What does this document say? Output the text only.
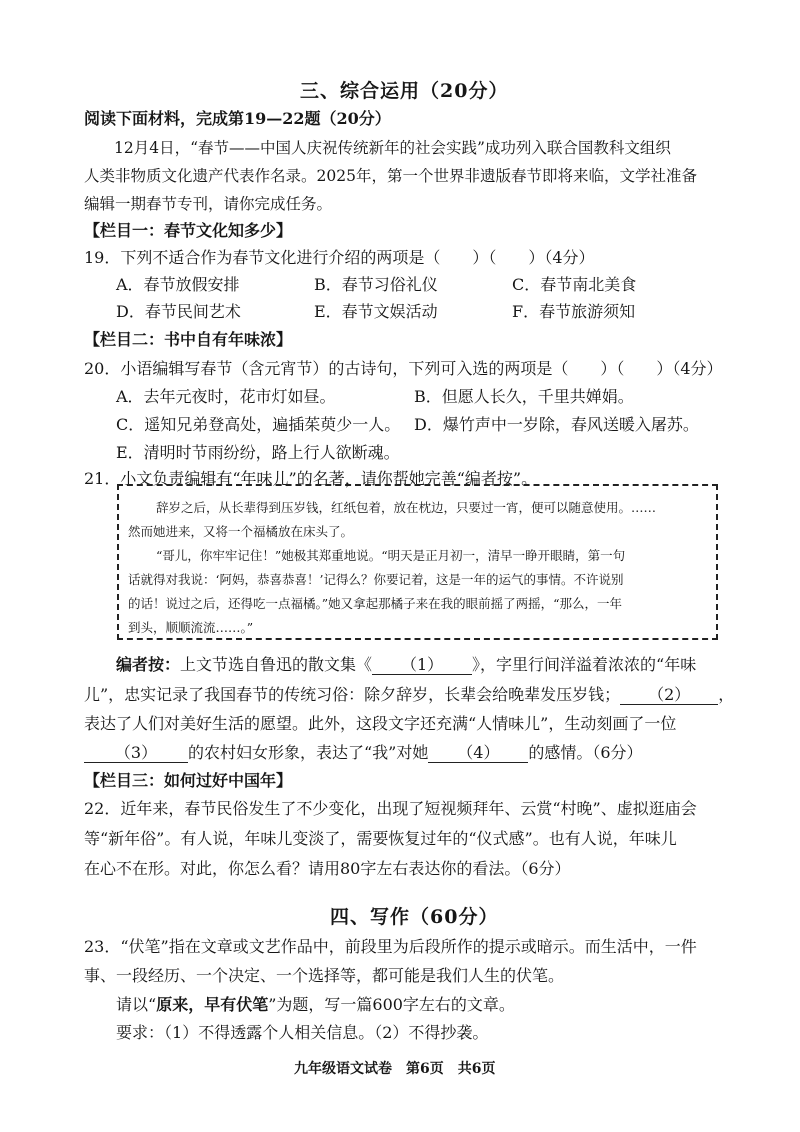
三、综合运用（20分）
阅读下面材料，完成第19—22题（20分）
12月4日，“春节——中国人庆祝传统新年的社会实践”成功列入联合国教科文组织
人类非物质文化遗产代表作名录。2025年，第一个世界非遗版春节即将来临，文学社准备
编辑一期春节专刊，请你完成任务。
【栏目一：春节文化知多少】
19．下列不适合作为春节文化进行介绍的两项是（　　）（　　）（4分）
A．春节放假安排	B．春节习俗礼仪	C．春节南北美食
D．春节民间艺术	E．春节文娱活动	F．春节旅游须知
【栏目二：书中自有年味浓】
20．小语编辑写春节（含元宵节）的古诗句，下列可入选的两项是（　　）（　　）（4分）
A．去年元夜时，花市灯如昼。	B．但愿人长久，千里共婵娟。
C．遥知兄弟登高处，遍插茱萸少一人。 D．爆竹声中一岁除，春风送暖入屠苏。
E．清明时节雨纷纷，路上行人欲断魂。
21．小文负责编辑有“年味儿”的名著，请你帮她完善“编者按”。
辞岁之后，从长辈得到压岁钱，红纸包着，放在枕边，只要过一宵，便可以随意使用。……
然而她进来，又将一个福橘放在床头了。
“哥儿，你牢牢记住！”她极其郑重地说。“明天是正月初一，清早一睁开眼睛，第一句
话就得对我说：‘阿妈，恭喜恭喜！’记得么？你要记着，这是一年的运气的事情。不许说别
的话！说过之后，还得吃一点福橘。”她又拿起那橘子来在我的眼前摇了两摇，“那么，一年
到头，顺顺流流……。”
编者按：上文节选自鲁迅的散文集《 （1） 》，字里行间洋溢着浓浓的“年味
儿”，忠实记录了我国春节的传统习俗：除夕辞岁，长辈会给晚辈发压岁钱； （2） ，
表达了人们对美好生活的愿望。此外，这段文字还充满“人情味儿”，生动刻画了一位
（3） 的农村妇女形象，表达了“我”对她 （4） 的感情。（6分）
【栏目三：如何过好中国年】
22．近年来，春节民俗发生了不少变化，出现了短视频拜年、云赏“村晚”、虚拟逛庙会
等“新年俗”。有人说，年味儿变淡了，需要恢复过年的“仪式感”。也有人说，年味儿
在心不在形。对此，你怎么看？请用80字左右表达你的看法。（6分）
四、写作（60分）
23．“伏笔”指在文章或文艺作品中，前段里为后段所作的提示或暗示。而生活中，一件
事、一段经历、一个决定、一个选择等，都可能是我们人生的伏笔。
请以“原来，早有伏笔”为题，写一篇600字左右的文章。
要求：（1）不得透露个人相关信息。（2）不得抄袭。
九年级语文试卷　第6页　共6页
